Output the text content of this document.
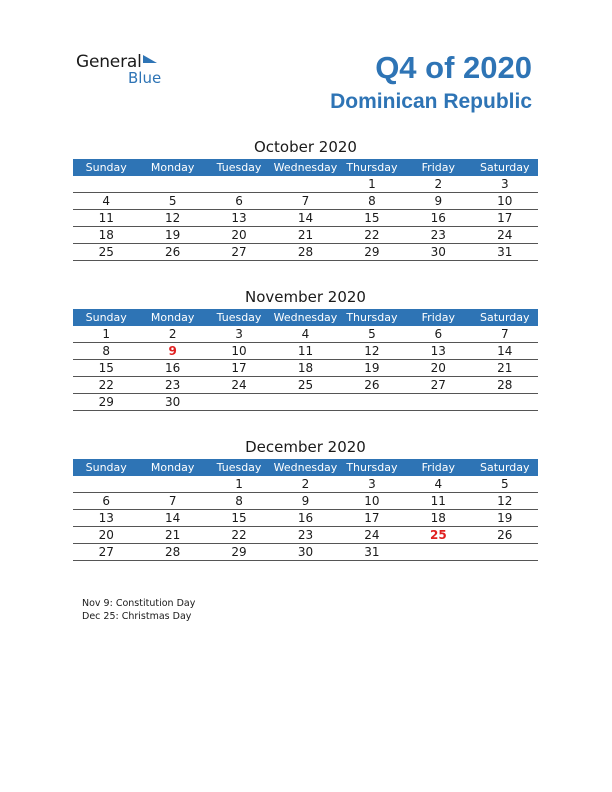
General
Blue	Q4 of 2020
Dominican Republic
October 2020
Sunday	Monday	Tuesday	Wednesday	Thursday	Friday	Saturday
				1	2	3
4	5	6	7	8	9	10
11	12	13	14	15	16	17
18	19	20	21	22	23	24
25	26	27	28	29	30	31
November 2020
Sunday	Monday	Tuesday	Wednesday	Thursday	Friday	Saturday
1	2	3	4	5	6	7
8	9	10	11	12	13	14
15	16	17	18	19	20	21
22	23	24	25	26	27	28
29	30					
December 2020
Sunday	Monday	Tuesday	Wednesday	Thursday	Friday	Saturday
		1	2	3	4	5
6	7	8	9	10	11	12
13	14	15	16	17	18	19
20	21	22	23	24	25	26
27	28	29	30	31		
Nov 9: Constitution Day
Dec 25: Christmas Day
